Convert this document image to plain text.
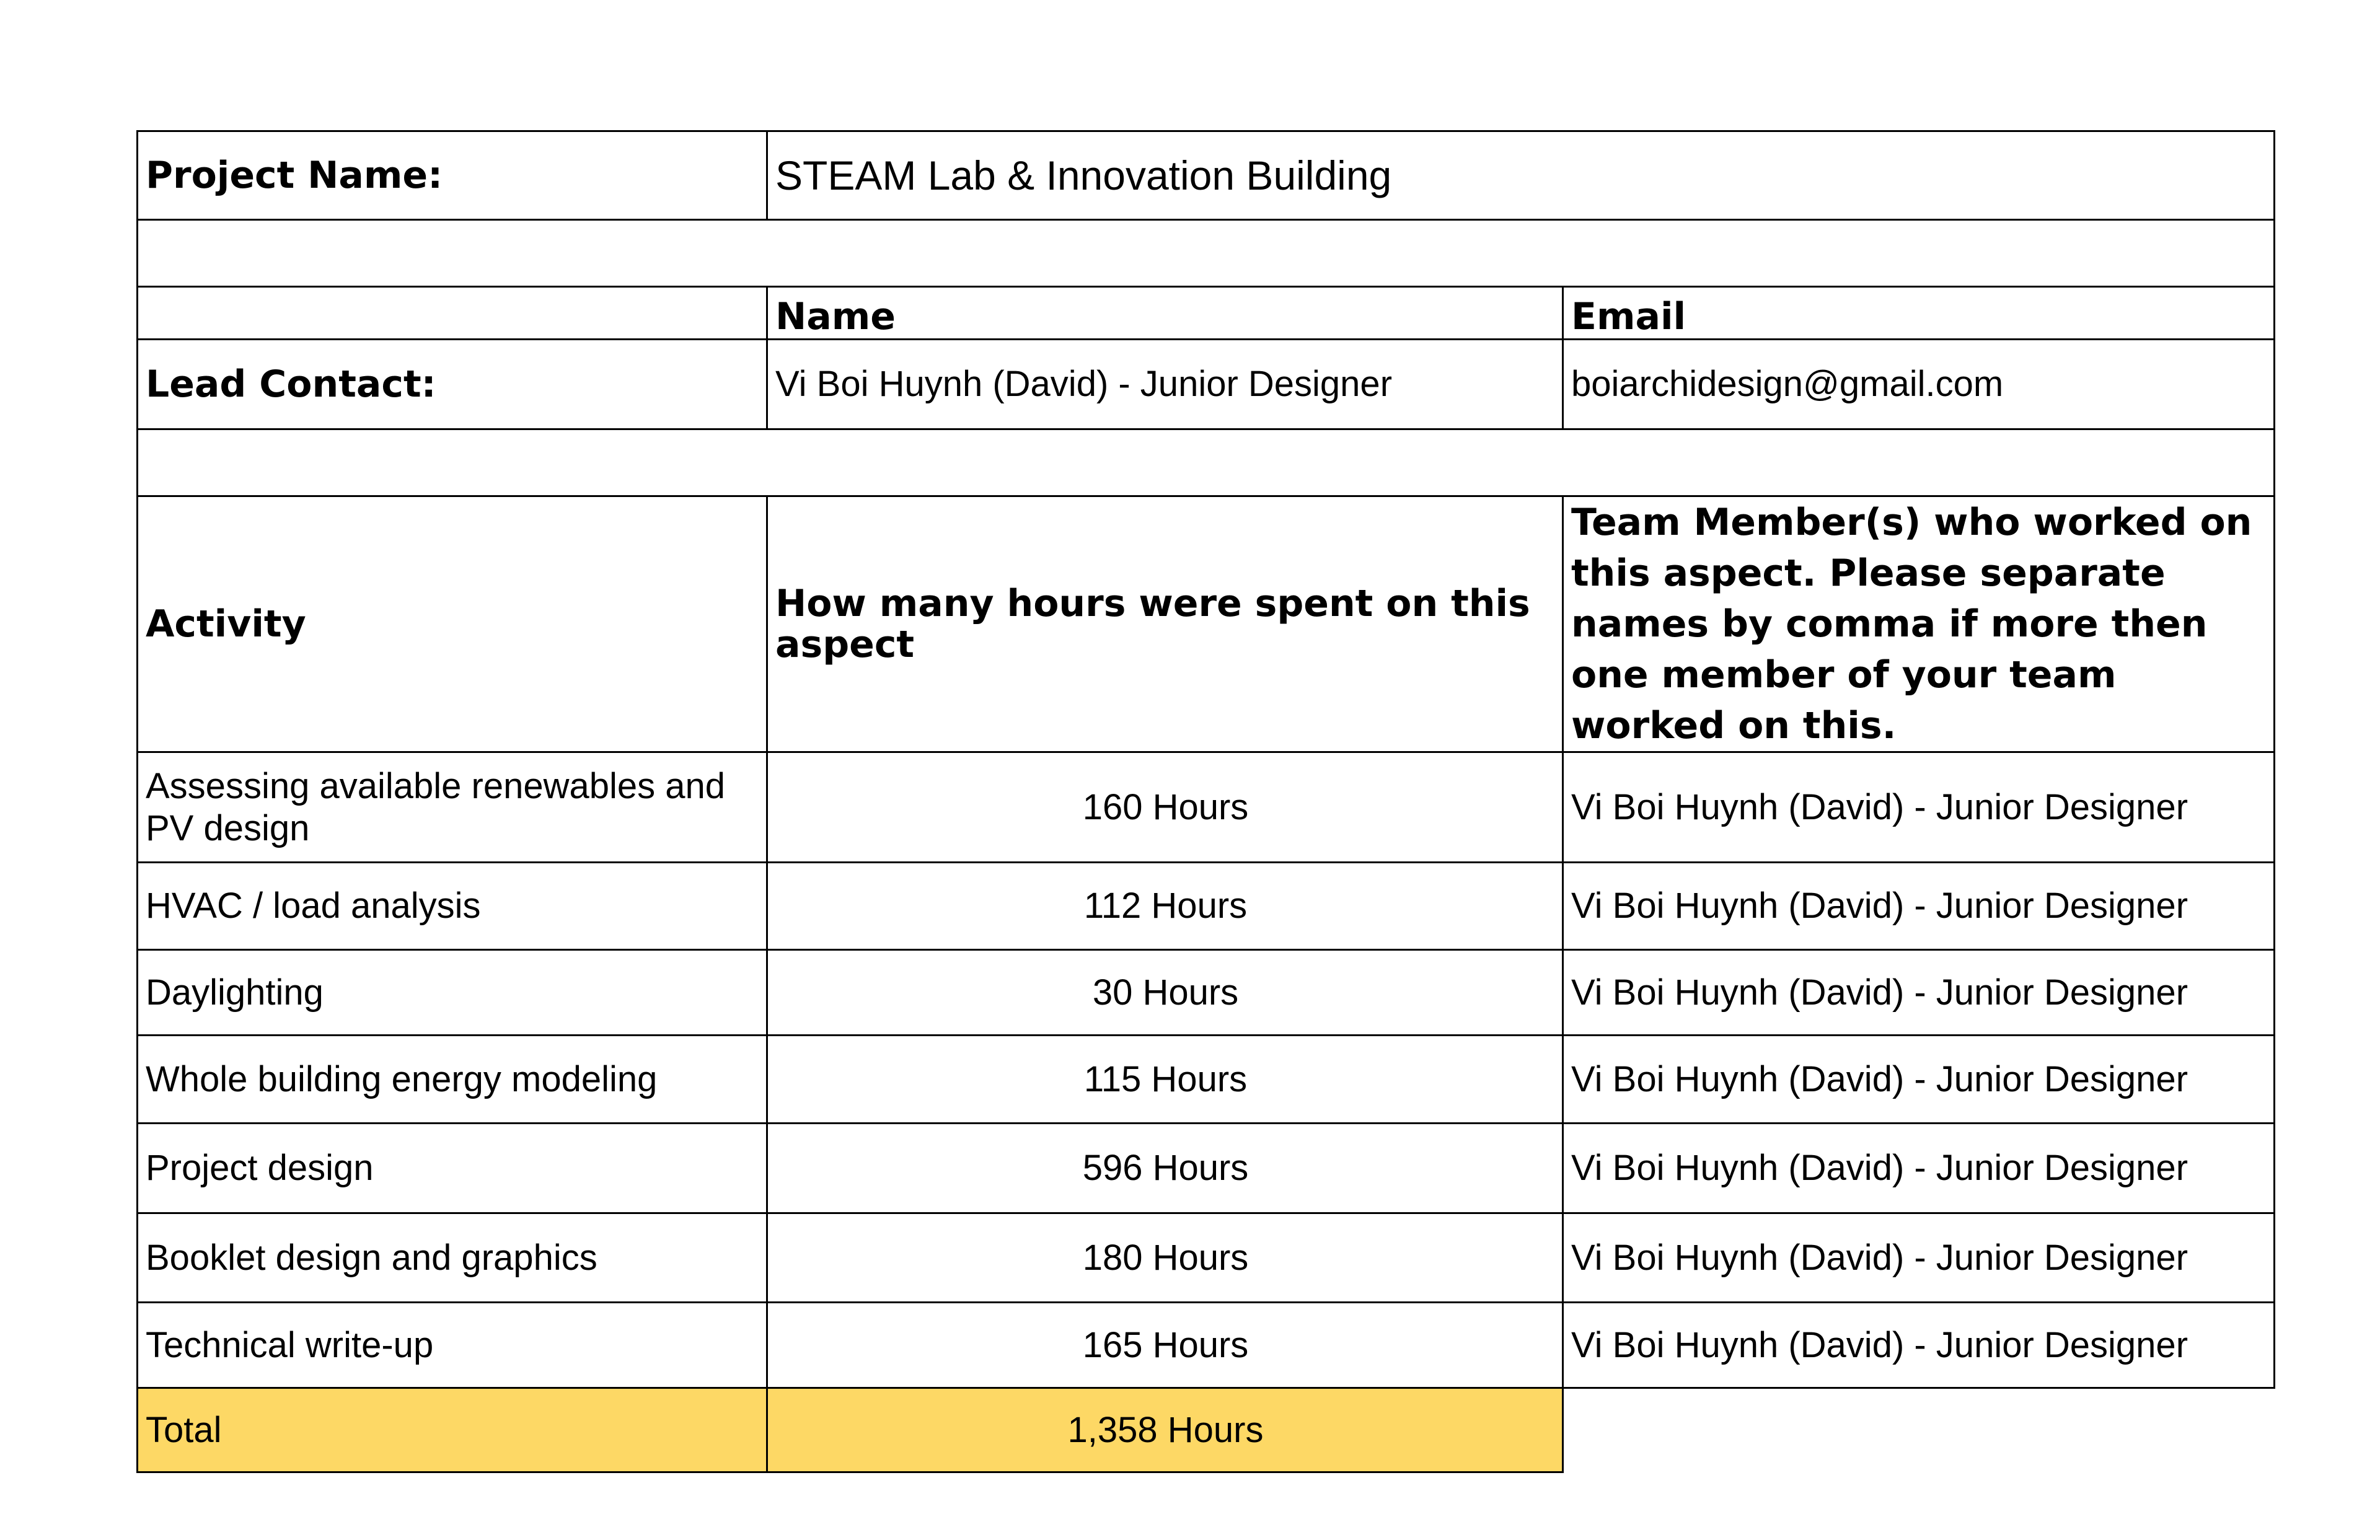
Project Name:	STEAM Lab & Innovation Building	

	Name	Email
Lead Contact:	Vi Boi Huynh (David) - Junior Designer	boiarchidesign@gmail.com

Activity	How many hours were spent on this aspect	Team Member(s) who worked on this aspect. Please separate names by comma if more then one member of your team worked on this.
Assessing available renewables and PV design	160 Hours	Vi Boi Huynh (David) - Junior Designer
HVAC / load analysis	112 Hours	Vi Boi Huynh (David) - Junior Designer
Daylighting	30 Hours	Vi Boi Huynh (David) - Junior Designer
Whole building energy modeling	115 Hours	Vi Boi Huynh (David) - Junior Designer
Project design	596 Hours	Vi Boi Huynh (David) - Junior Designer
Booklet design and graphics	180 Hours	Vi Boi Huynh (David) - Junior Designer
Technical write-up	165 Hours	Vi Boi Huynh (David) - Junior Designer
Total	1,358 Hours	
